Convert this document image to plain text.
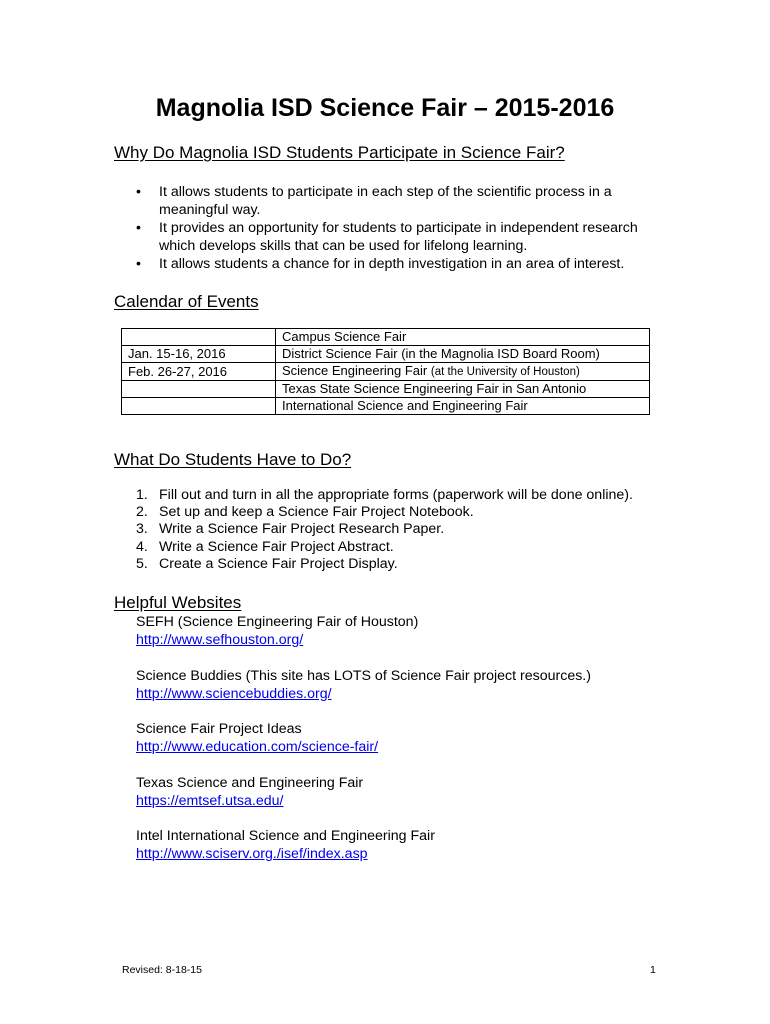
Magnolia ISD Science Fair – 2015-2016
Why Do Magnolia ISD Students Participate in Science Fair?
• It allows students to participate in each step of the scientific process in a meaningful way.
• It provides an opportunity for students to participate in independent research which develops skills that can be used for lifelong learning.
• It allows students a chance for in depth investigation in an area of interest.
Calendar of Events
	Campus Science Fair
Jan. 15-16, 2016	District Science Fair (in the Magnolia ISD Board Room)
Feb. 26-27, 2016	Science Engineering Fair (at the University of Houston)
	Texas State Science Engineering Fair in San Antonio
	International Science and Engineering Fair
What Do Students Have to Do?
1. Fill out and turn in all the appropriate forms (paperwork will be done online).
2. Set up and keep a Science Fair Project Notebook.
3. Write a Science Fair Project Research Paper.
4. Write a Science Fair Project Abstract.
5. Create a Science Fair Project Display.
Helpful Websites
SEFH (Science Engineering Fair of Houston)
http://www.sefhouston.org/
Science Buddies (This site has LOTS of Science Fair project resources.)
http://www.sciencebuddies.org/
Science Fair Project Ideas
http://www.education.com/science-fair/
Texas Science and Engineering Fair
https://emtsef.utsa.edu/
Intel International Science and Engineering Fair
http://www.sciserv.org./isef/index.asp
Revised: 8-18-15	1
